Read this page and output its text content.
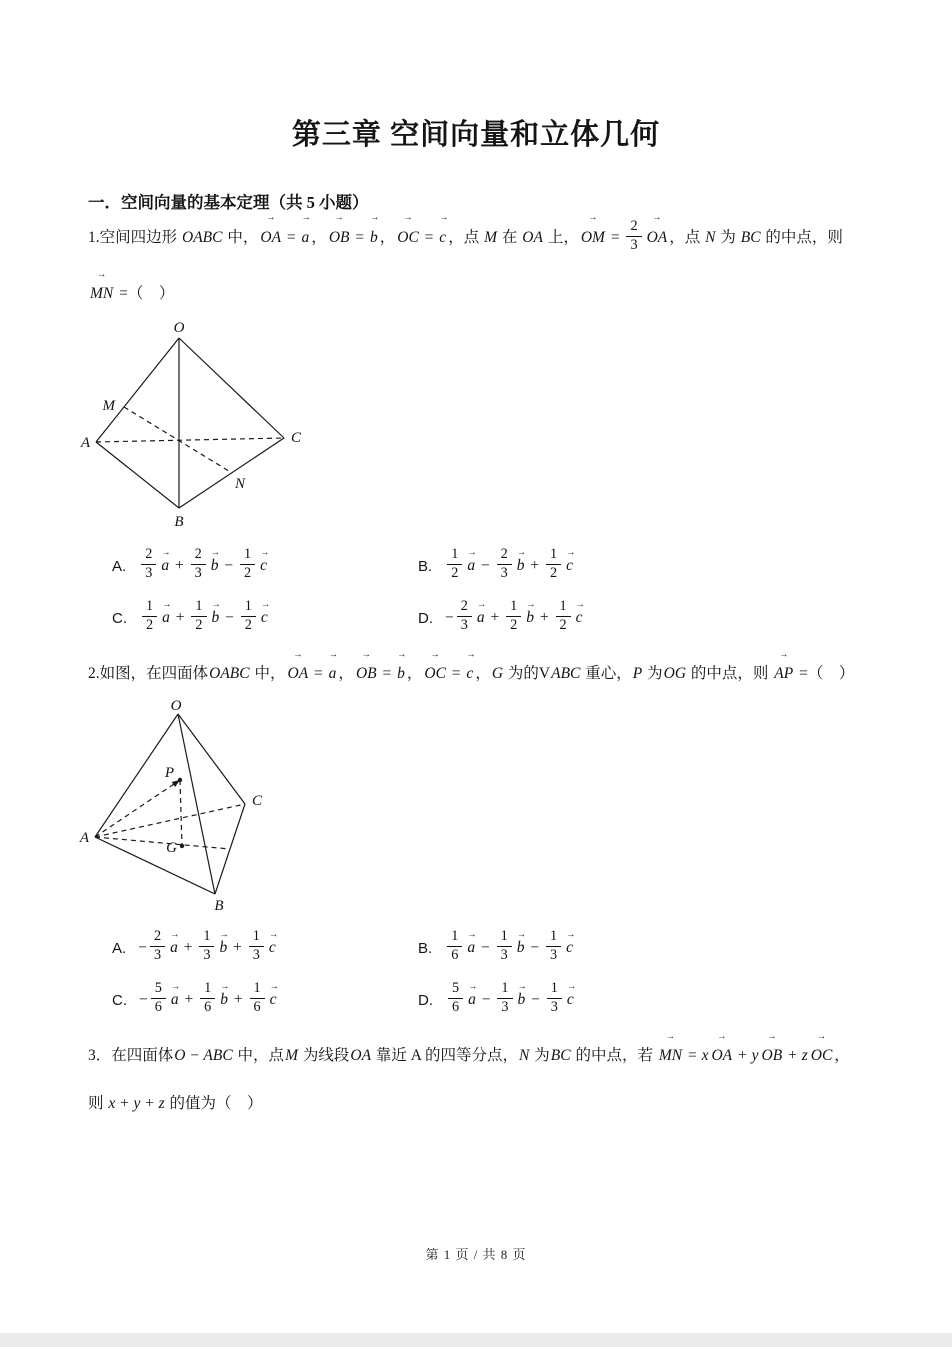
第三章 空间向量和立体几何
一．空间向量的基本定理（共 5 小题）
1.空间四边形 OABC 中， → OA = → a ， → OB = → b ， → OC = → c ，点 M 在 OA 上， → OM = $\frac{2}{3}$ → OA ，点 N 为 BC 的中点，则
→ MN =（　）
O
A	C
B
M
N
A. $\frac{2}{3} \to a + \frac{2}{3} \to b - \frac{1}{2} \to c$	B. $\frac{1}{2} \to a - \frac{2}{3} \to b + \frac{1}{2} \to c$
C. $\frac{1}{2} \to a + \frac{1}{2} \to b - \frac{1}{2} \to c$	D. − $\frac{2}{3} \to a + \frac{1}{2} \to b + \frac{1}{2} \to c$
2.如图，在四面体OABC 中， → OA = → a ， → OB = → b ， → OC = → c ，G 为的VABC 重心，P 为OG 的中点，则 → AP =（　）
O
A
C
B
P
G
A. − $\frac{2}{3} \to a + \frac{1}{3} \to b + \frac{1}{3} \to c$	B. $\frac{1}{6} \to a - \frac{1}{3} \to b - \frac{1}{3} \to c$
C. − $\frac{5}{6} \to a + \frac{1}{6} \to b + \frac{1}{6} \to c$	D. $\frac{5}{6} \to a - \frac{1}{3} \to b - \frac{1}{3} \to c$
3．在四面体O − ABC 中，点M 为线段OA 靠近 A 的四等分点，N 为BC 的中点，若 → MN = x → OA + y → OB + z → OC ，
则 x + y + z 的值为（　）
第 1 页 / 共 8 页
